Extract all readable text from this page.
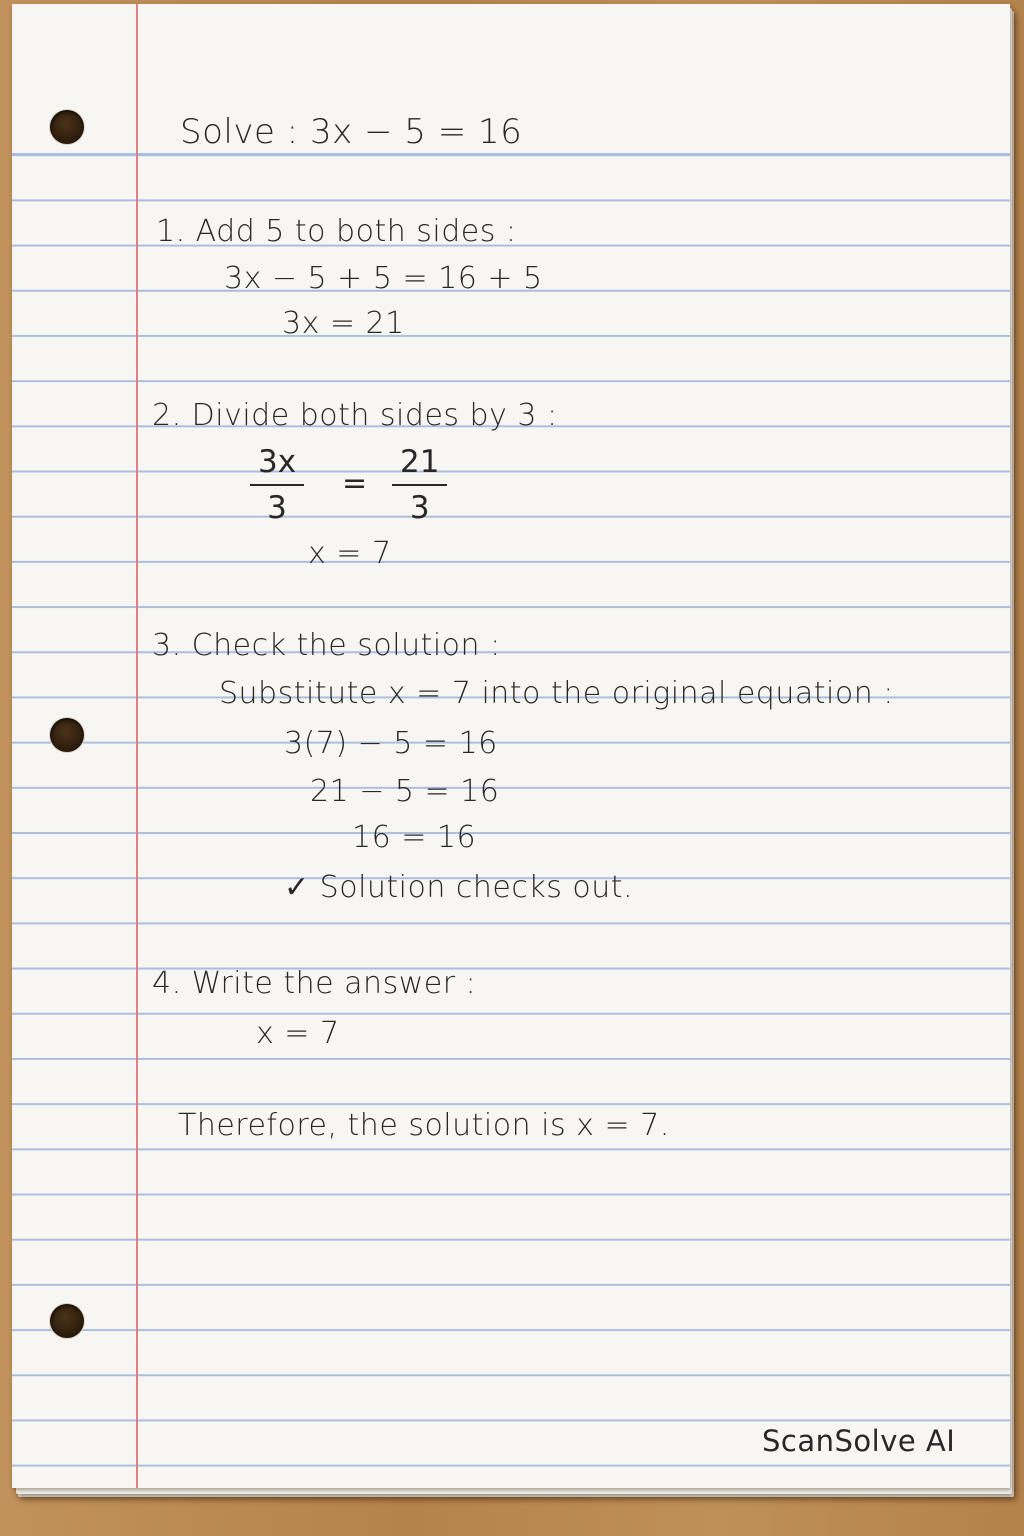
Solve : 3x − 5 = 16
1. Add 5 to both sides :
3x − 5 + 5 = 16 + 5
3x = 21
2. Divide both sides by 3 :
$\frac{3x}{3} = \frac{21}{3}$
x = 7
3. Check the solution :
Substitute x = 7 into the original equation :
3(7) − 5 = 16
21 − 5 = 16
16 = 16
✓ Solution checks out.
4. Write the answer :
x = 7
Therefore, the solution is x = 7.
ScanSolve AI
